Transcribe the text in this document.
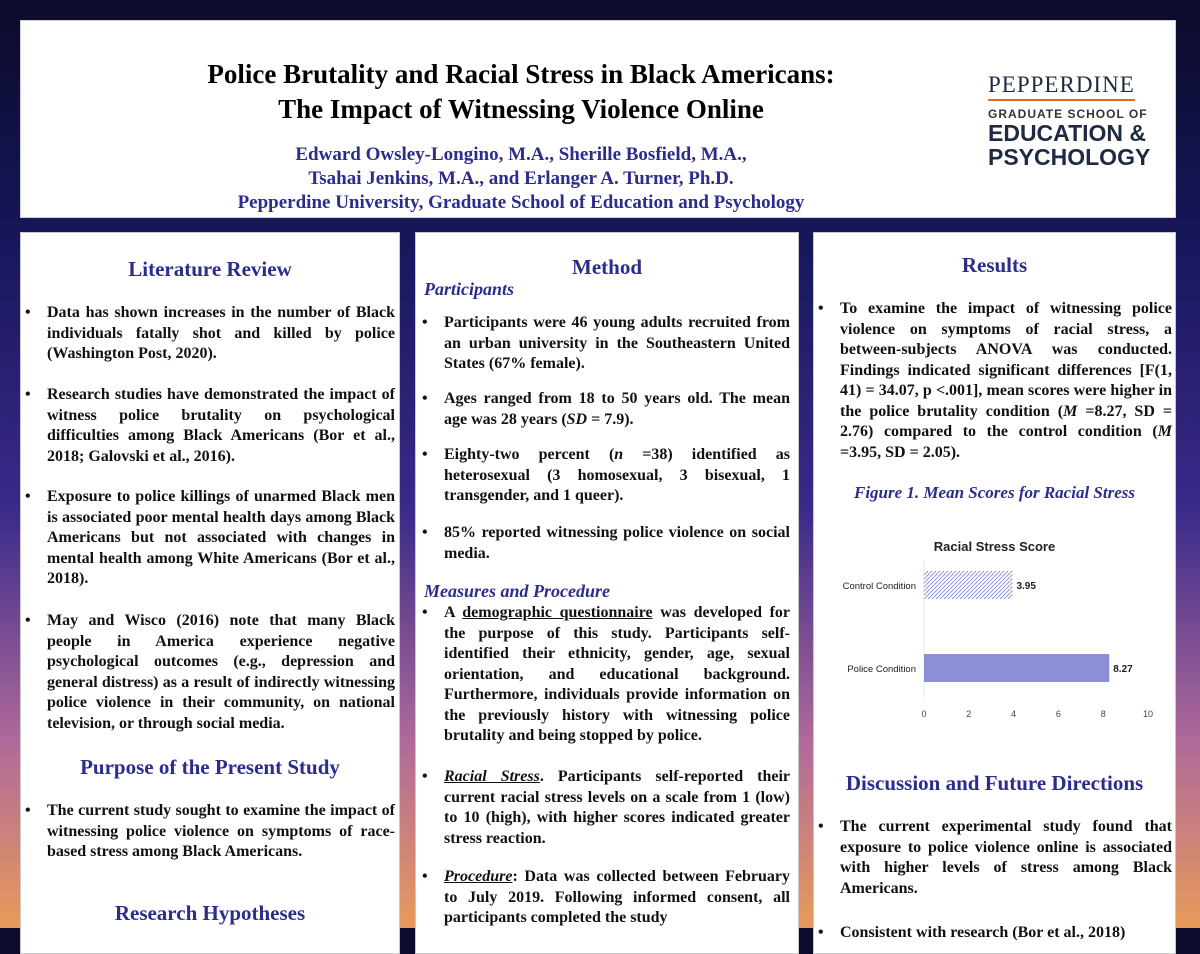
Police Brutality and Racial Stress in Black Americans:
The Impact of Witnessing Violence Online
Edward Owsley-Longino, M.A., Sherille Bosfield, M.A.,
Tsahai Jenkins, M.A., and Erlanger A. Turner, Ph.D.
Pepperdine University, Graduate School of Education and Psychology
PEPPERDINE
GRADUATE SCHOOL OF
EDUCATION &
PSYCHOLOGY
Literature Review
• Data has shown increases in the number of Black individuals fatally shot and killed by police (Washington Post, 2020).
• Research studies have demonstrated the impact of witness police brutality on psychological difficulties among Black Americans (Bor et al., 2018; Galovski et al., 2016).
• Exposure to police killings of unarmed Black men is associated poor mental health days among Black Americans but not associated with changes in mental health among White Americans (Bor et al., 2018).
• May and Wisco (2016) note that many Black people in America experience negative psychological outcomes (e.g., depression and general distress) as a result of indirectly witnessing police violence in their community, on national television, or through social media.
Purpose of the Present Study
• The current study sought to examine the impact of witnessing police violence on symptoms of race-based stress among Black Americans.
Research Hypotheses
Method
Participants
• Participants were 46 young adults recruited from an urban university in the Southeastern United States (67% female).
• Ages ranged from 18 to 50 years old. The mean age was 28 years (SD = 7.9).
• Eighty-two percent (n =38) identified as heterosexual (3 homosexual, 3 bisexual, 1 transgender, and 1 queer).
• 85% reported witnessing police violence on social media.
Measures and Procedure
• A demographic questionnaire was developed for the purpose of this study. Participants self-identified their ethnicity, gender, age, sexual orientation, and educational background. Furthermore, individuals provide information on the previously history with witnessing police brutality and being stopped by police.
• Racial Stress. Participants self-reported their current racial stress levels on a scale from 1 (low) to 10 (high), with higher scores indicated greater stress reaction.
• Procedure: Data was collected between February to July 2019. Following informed consent, all participants completed the study
Results
• To examine the impact of witnessing police violence on symptoms of racial stress, a between-subjects ANOVA was conducted. Findings indicated significant differences [F(1, 41) = 34.07, p <.001], mean scores were higher in the police brutality condition (M =8.27, SD = 2.76) compared to the control condition (M =3.95, SD = 2.05).
Figure 1. Mean Scores for Racial Stress
Racial Stress Score
Control Condition	3.95
Police Condition	8.27
0	2	4	6	8	10
Discussion and Future Directions
• The current experimental study found that exposure to police violence online is associated with higher levels of stress among Black Americans.
• Consistent with research (Bor et al., 2018)
